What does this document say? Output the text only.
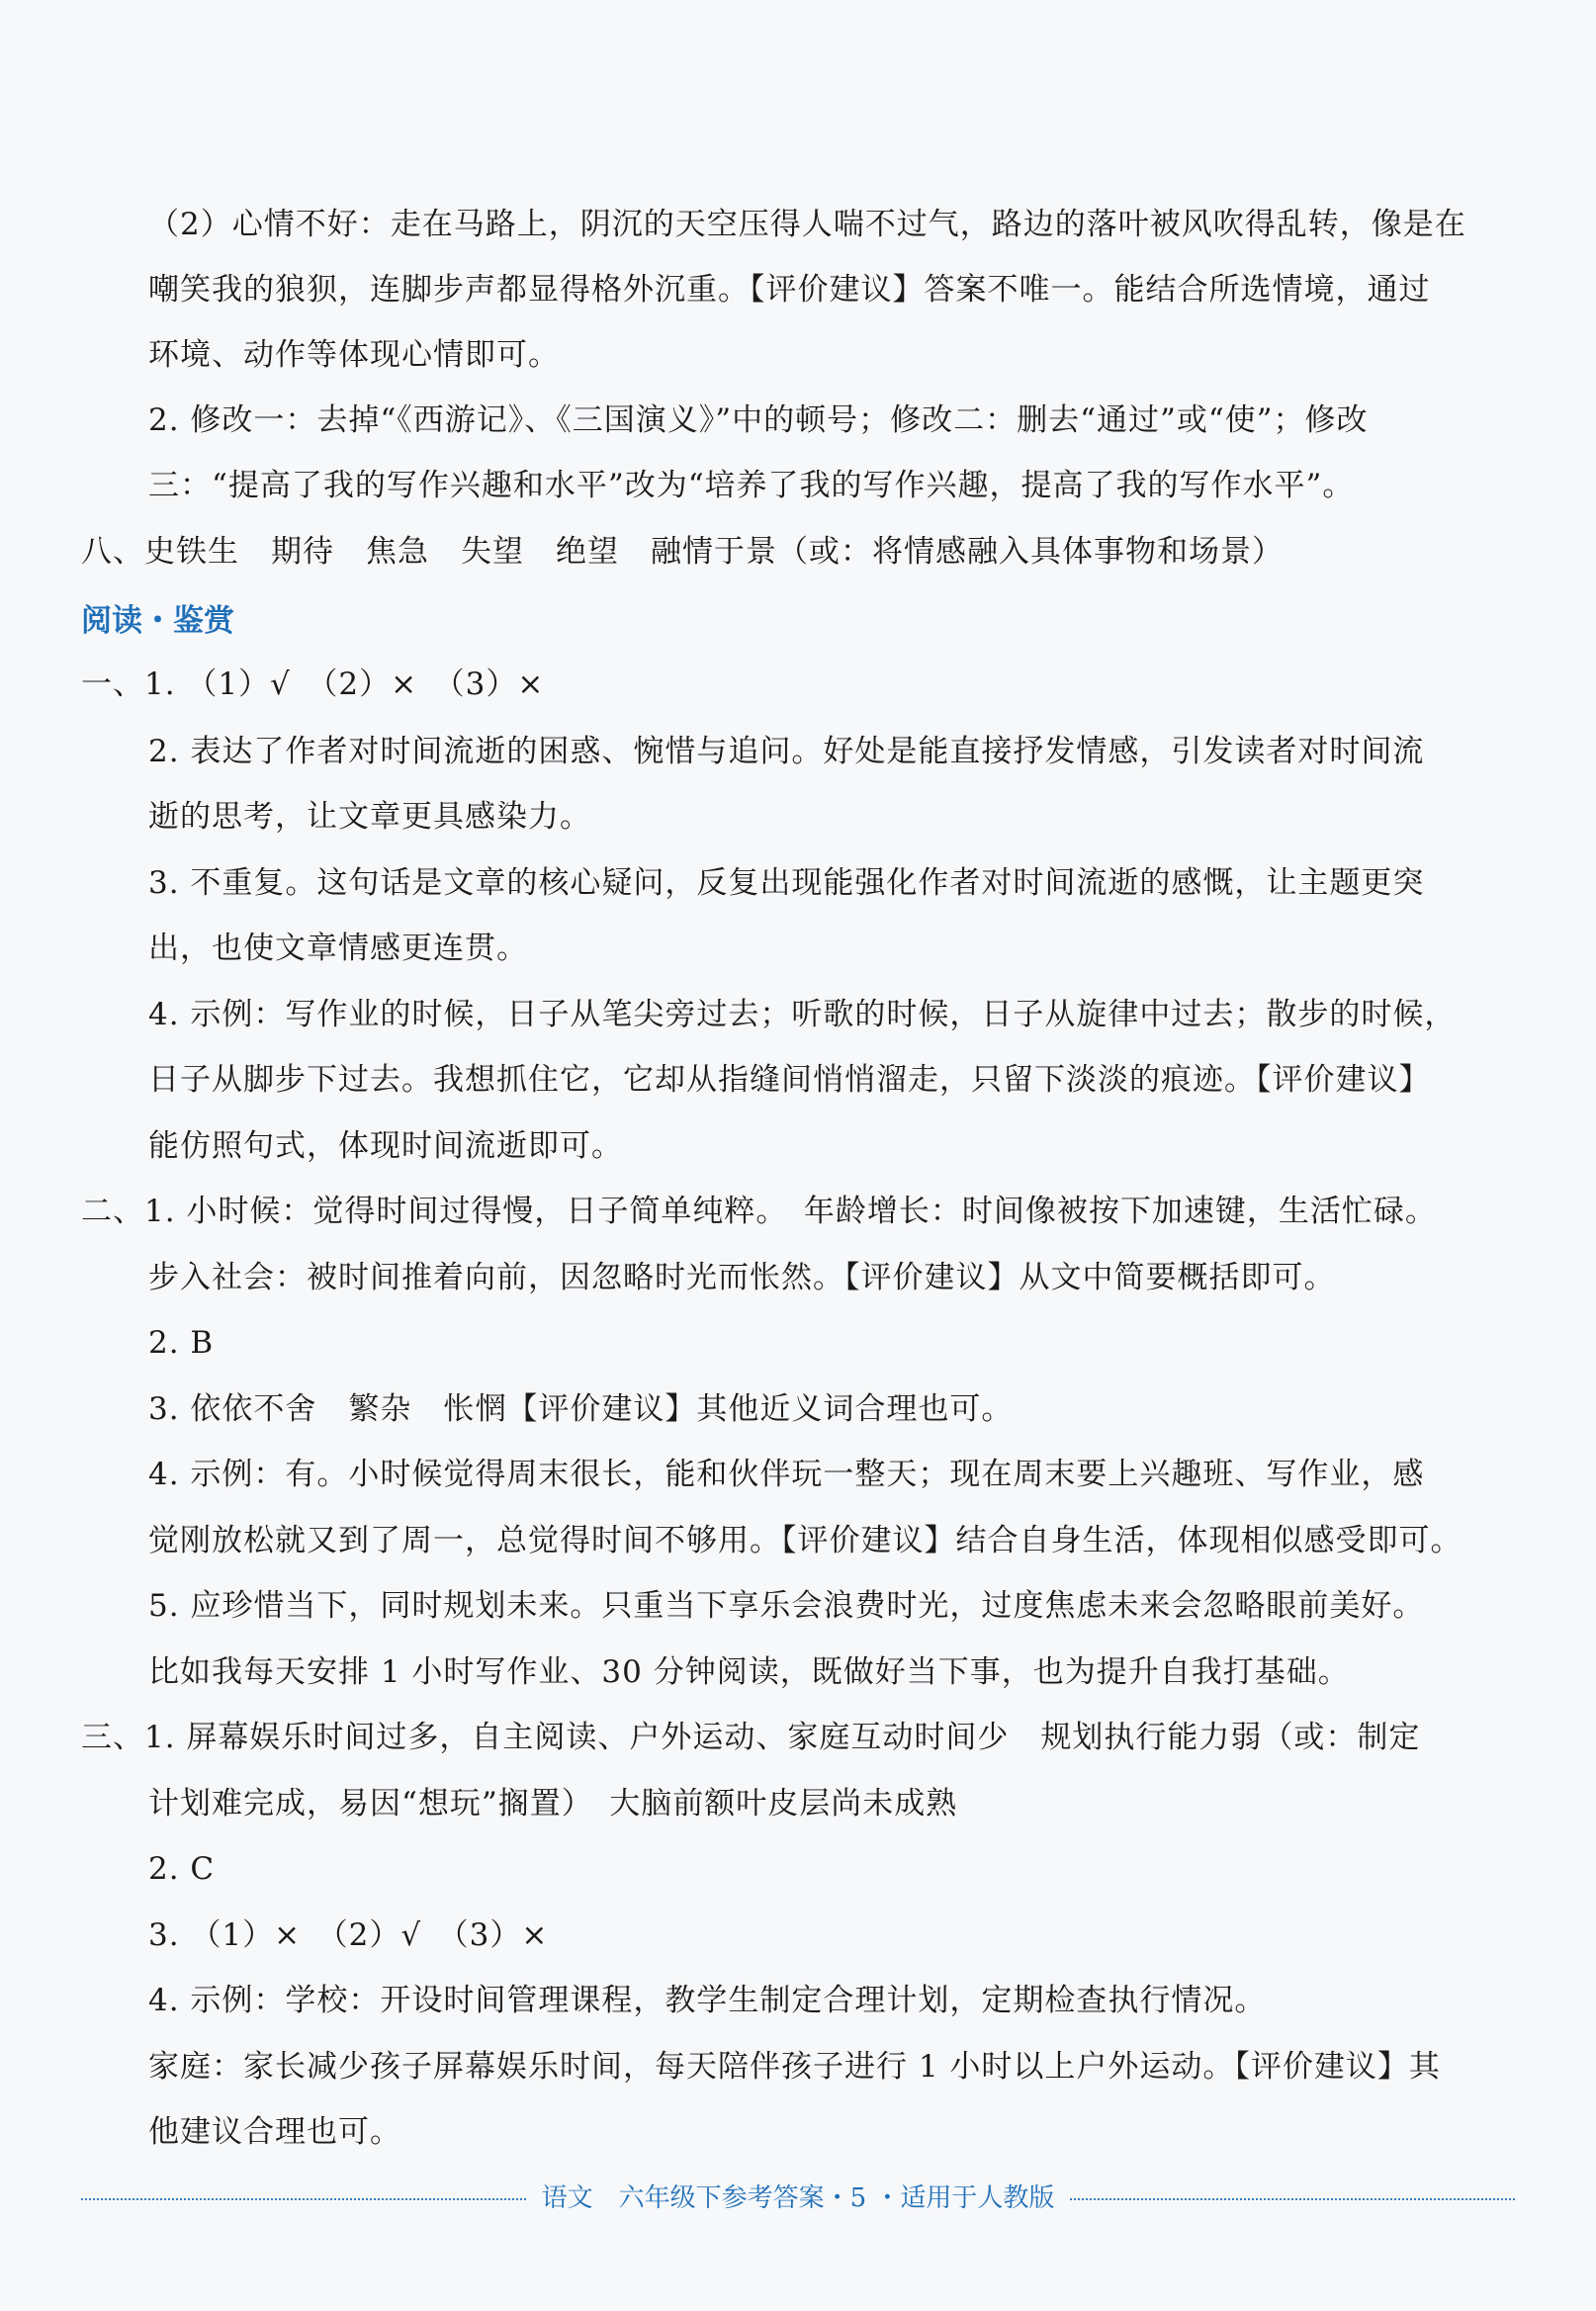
（2）心情不好：走在马路上，阴沉的天空压得人喘不过气，路边的落叶被风吹得乱转，像是在
嘲笑我的狼狈，连脚步声都显得格外沉重。【评价建议】答案不唯一。能结合所选情境，通过
环境、动作等体现心情即可。
2. 修改一：去掉“《西游记》、《三国演义》”中的顿号；修改二：删去“通过”或“使”；修改
三：“提高了我的写作兴趣和水平”改为“培养了我的写作兴趣，提高了我的写作水平”。
八、史铁生　期待　焦急　失望　绝望　融情于景（或：将情感融入具体事物和场景）
阅读・鉴赏
一、1. （1）√　（2）×　（3）×
2. 表达了作者对时间流逝的困惑、惋惜与追问。好处是能直接抒发情感，引发读者对时间流
逝的思考，让文章更具感染力。
3. 不重复。这句话是文章的核心疑问，反复出现能强化作者对时间流逝的感慨，让主题更突
出，也使文章情感更连贯。
4. 示例：写作业的时候，日子从笔尖旁过去；听歌的时候，日子从旋律中过去；散步的时候，
日子从脚步下过去。我想抓住它，它却从指缝间悄悄溜走，只留下淡淡的痕迹。【评价建议】
能仿照句式，体现时间流逝即可。
二、1. 小时候：觉得时间过得慢，日子简单纯粹。　年龄增长：时间像被按下加速键，生活忙碌。
步入社会：被时间推着向前，因忽略时光而怅然。【评价建议】从文中简要概括即可。
2. B
3. 依依不舍　繁杂　怅惘【评价建议】其他近义词合理也可。
4. 示例：有。小时候觉得周末很长，能和伙伴玩一整天；现在周末要上兴趣班、写作业，感
觉刚放松就又到了周一，总觉得时间不够用。【评价建议】结合自身生活，体现相似感受即可。
5. 应珍惜当下，同时规划未来。只重当下享乐会浪费时光，过度焦虑未来会忽略眼前美好。
比如我每天安排 1 小时写作业、30 分钟阅读，既做好当下事，也为提升自我打基础。
三、1. 屏幕娱乐时间过多，自主阅读、户外运动、家庭互动时间少　规划执行能力弱（或：制定
计划难完成，易因“想玩”搁置）　大脑前额叶皮层尚未成熟
2. C
3. （1）×　（2）√　（3）×
4. 示例：学校：开设时间管理课程，教学生制定合理计划，定期检查执行情况。
家庭：家长减少孩子屏幕娱乐时间，每天陪伴孩子进行 1 小时以上户外运动。【评价建议】其
他建议合理也可。
语文　六年级下参考答案・5 ・适用于人教版
